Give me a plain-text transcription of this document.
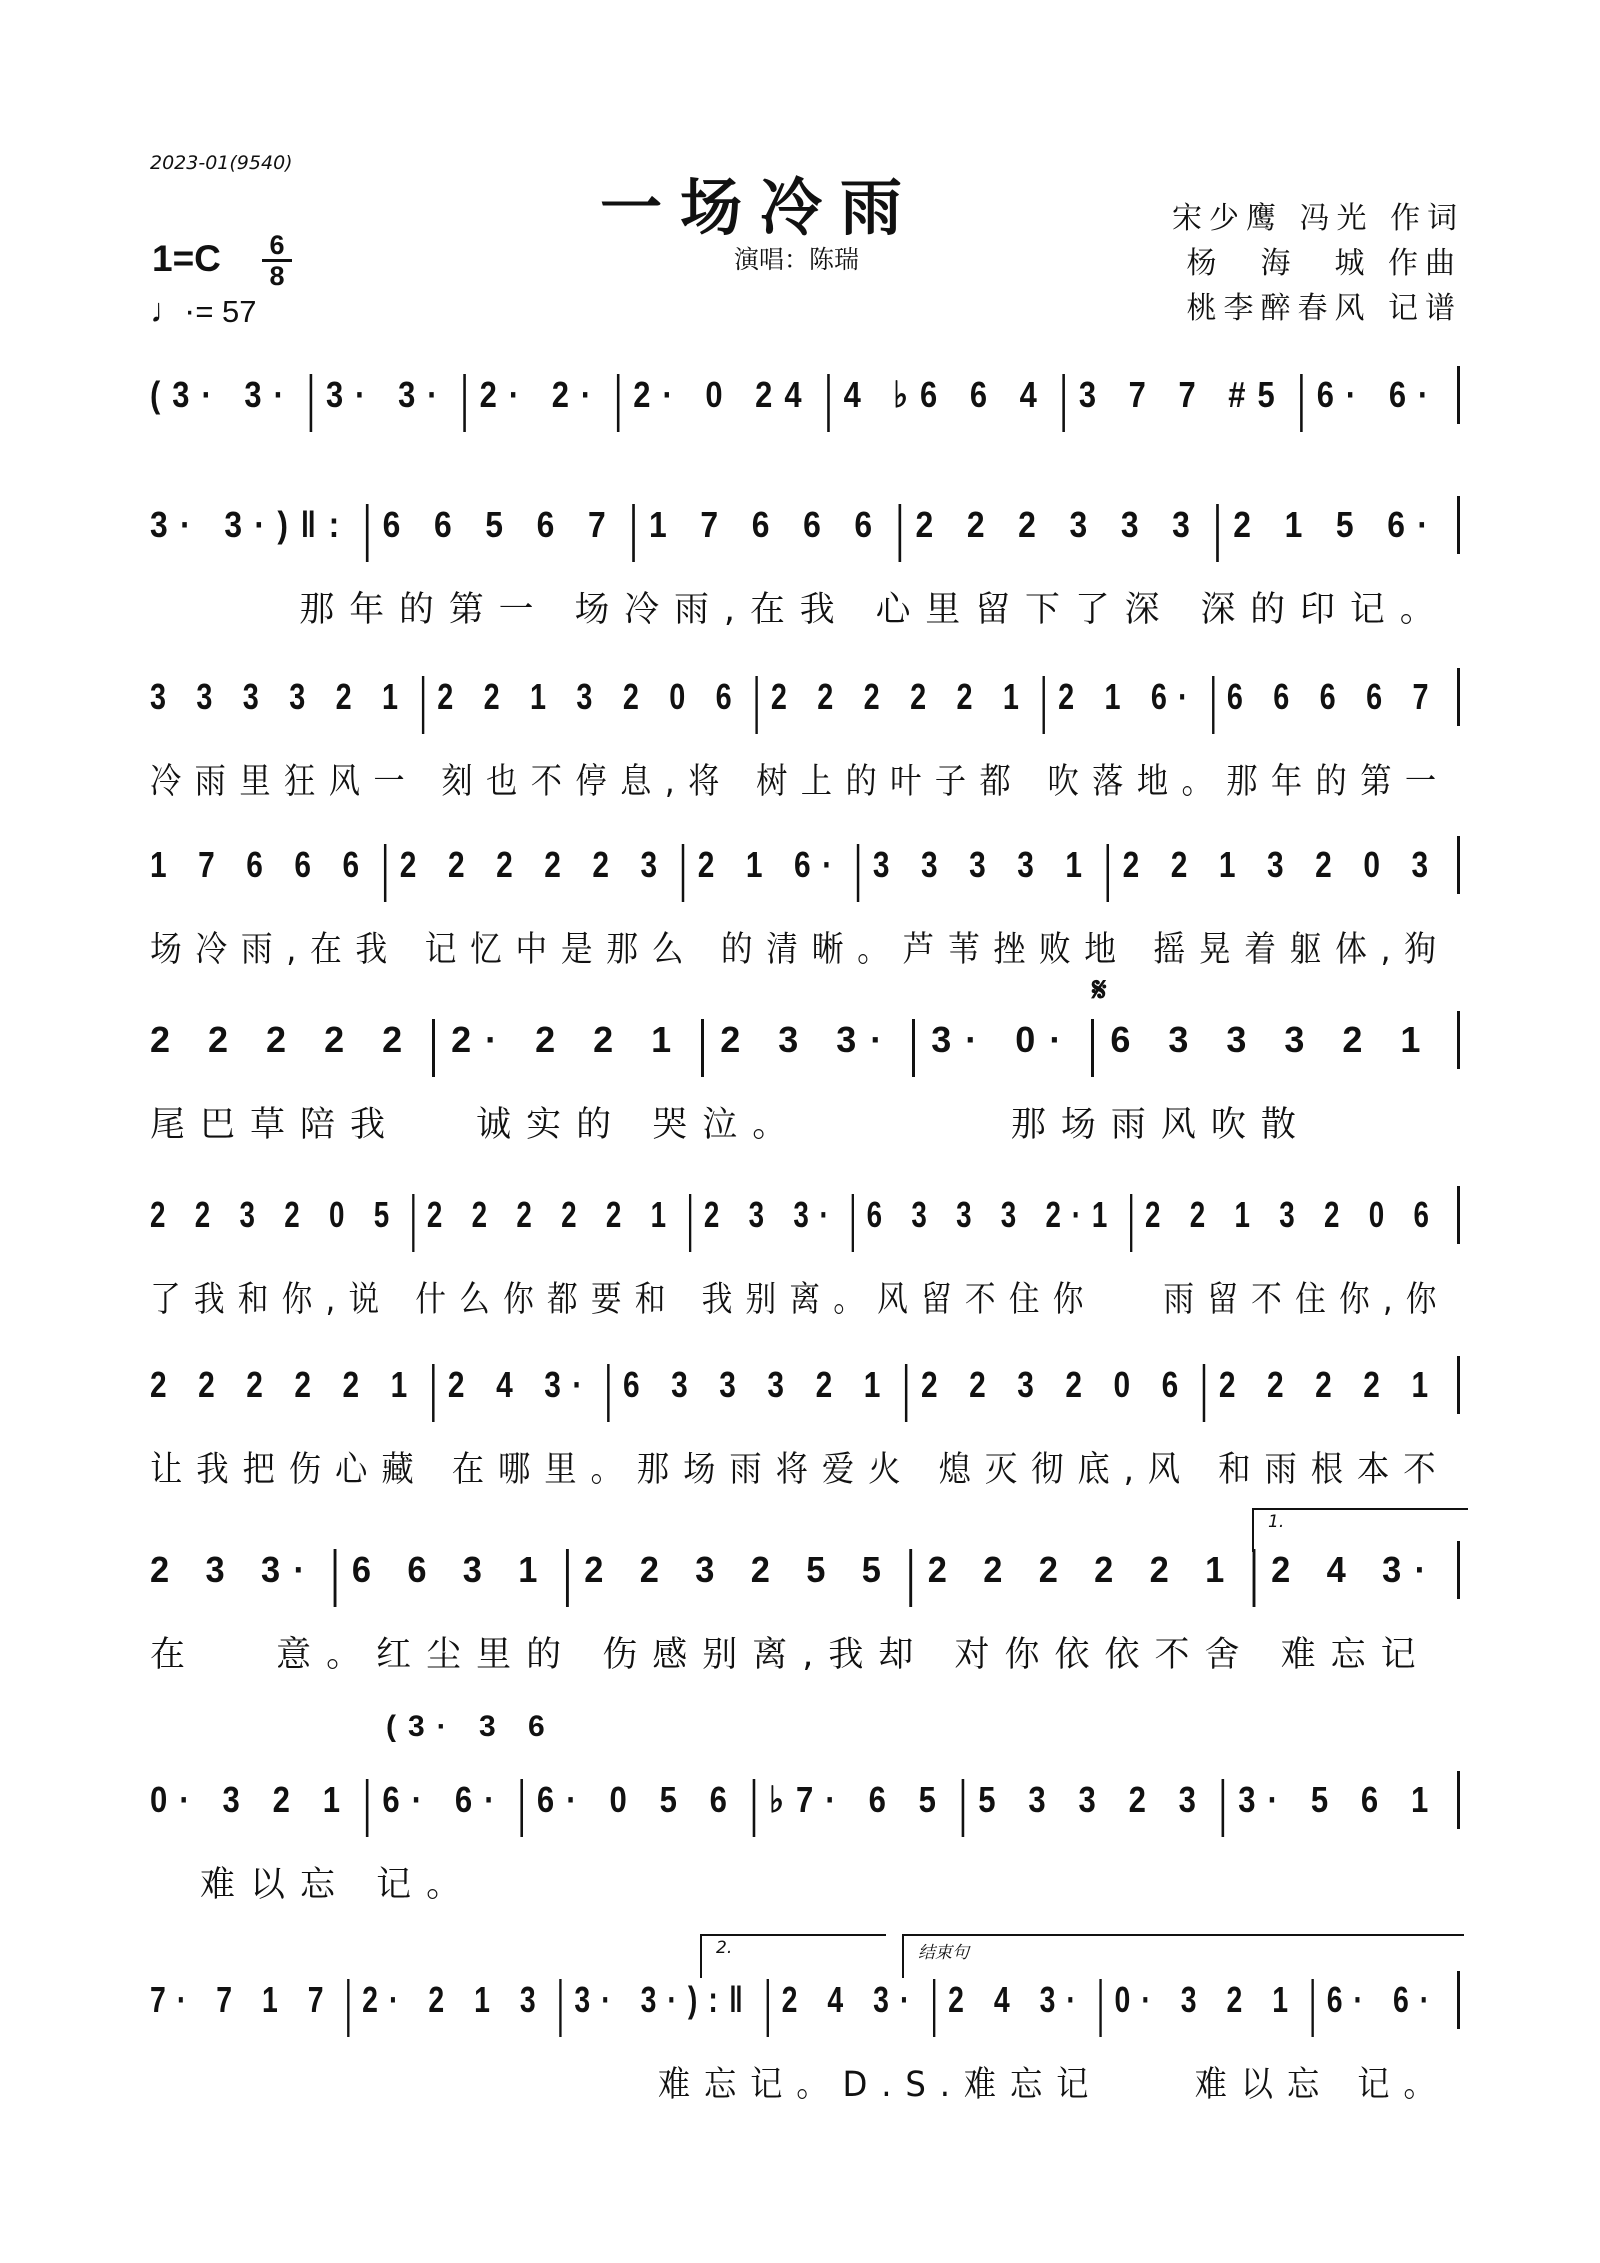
2023-01(9540)
一场冷雨
演唱：陈瑞
宋少鹰 冯光 作词
杨　海　城 作曲
桃李醉春风 记谱
1=C 6
8
♩·= 57
𝄋
1.
2.	结束句
(3· 3 6
(3· 3· 3· 3· 2· 2· 2· 0 24 4 ♭6 6 4 3 7 7 #5 6· 6·
3· 3·)‖: 6 6 5 6 7 1 7 6 6 6 2 2 2 3 3 3 2 1 5 6·
　　　那年的第一 场冷雨,在我 心里留下了深 深的印记。
3 3 3 3 2 1 2 2 1 3 2 0 6 2 2 2 2 2 1 2 1 6· 6 6 6 6 7
冷雨里狂风一 刻也不停息,将 树上的叶子都 吹落地。那年的第一
1 7 6 6 6 2 2 2 2 2 3 2 1 6· 3 3 3 3 1 2 2 1 3 2 0 3
场冷雨,在我 记忆中是那么 的清晰。芦苇挫败地 摇晃着躯体,狗
2 2 2 2 2 2· 2 2 1 2 3 3· 3· 0· 6 3 3 3 2 1
尾巴草陪我　 诚实的 哭泣。　　　　 那场雨风吹散
2 2 3 2 0 5 2 2 2 2 2 1 2 3 3· 6 3 3 3 2·1 2 2 1 3 2 0 6
了我和你,说 什么你都要和 我别离。风留不住你　 雨留不住你,你
2 2 2 2 2 1 2 4 3· 6 3 3 3 2 1 2 2 3 2 0 6 2 2 2 2 1
让我把伤心藏 在哪里。那场雨将爱火 熄灭彻底,风 和雨根本不
2 3 3· 6 6 3 1 2 2 3 2 5 5 2 2 2 2 2 1 2 4 3·
在　 意。红尘里的 伤感别离,我却 对你依依不舍 难忘记
0· 3 2 1 6· 6· 6· 0 5 6 ♭7· 6 5 5 3 3 2 3 3· 5 6 1
　难以忘 记。
7· 7 1 7 2· 2 1 3 3· 3·):‖ 2 4 3· 2 4 3· 0· 3 2 1 6· 6·
　　　　　　　　　　　难忘记。D.S.难忘记　　难以忘 记。
